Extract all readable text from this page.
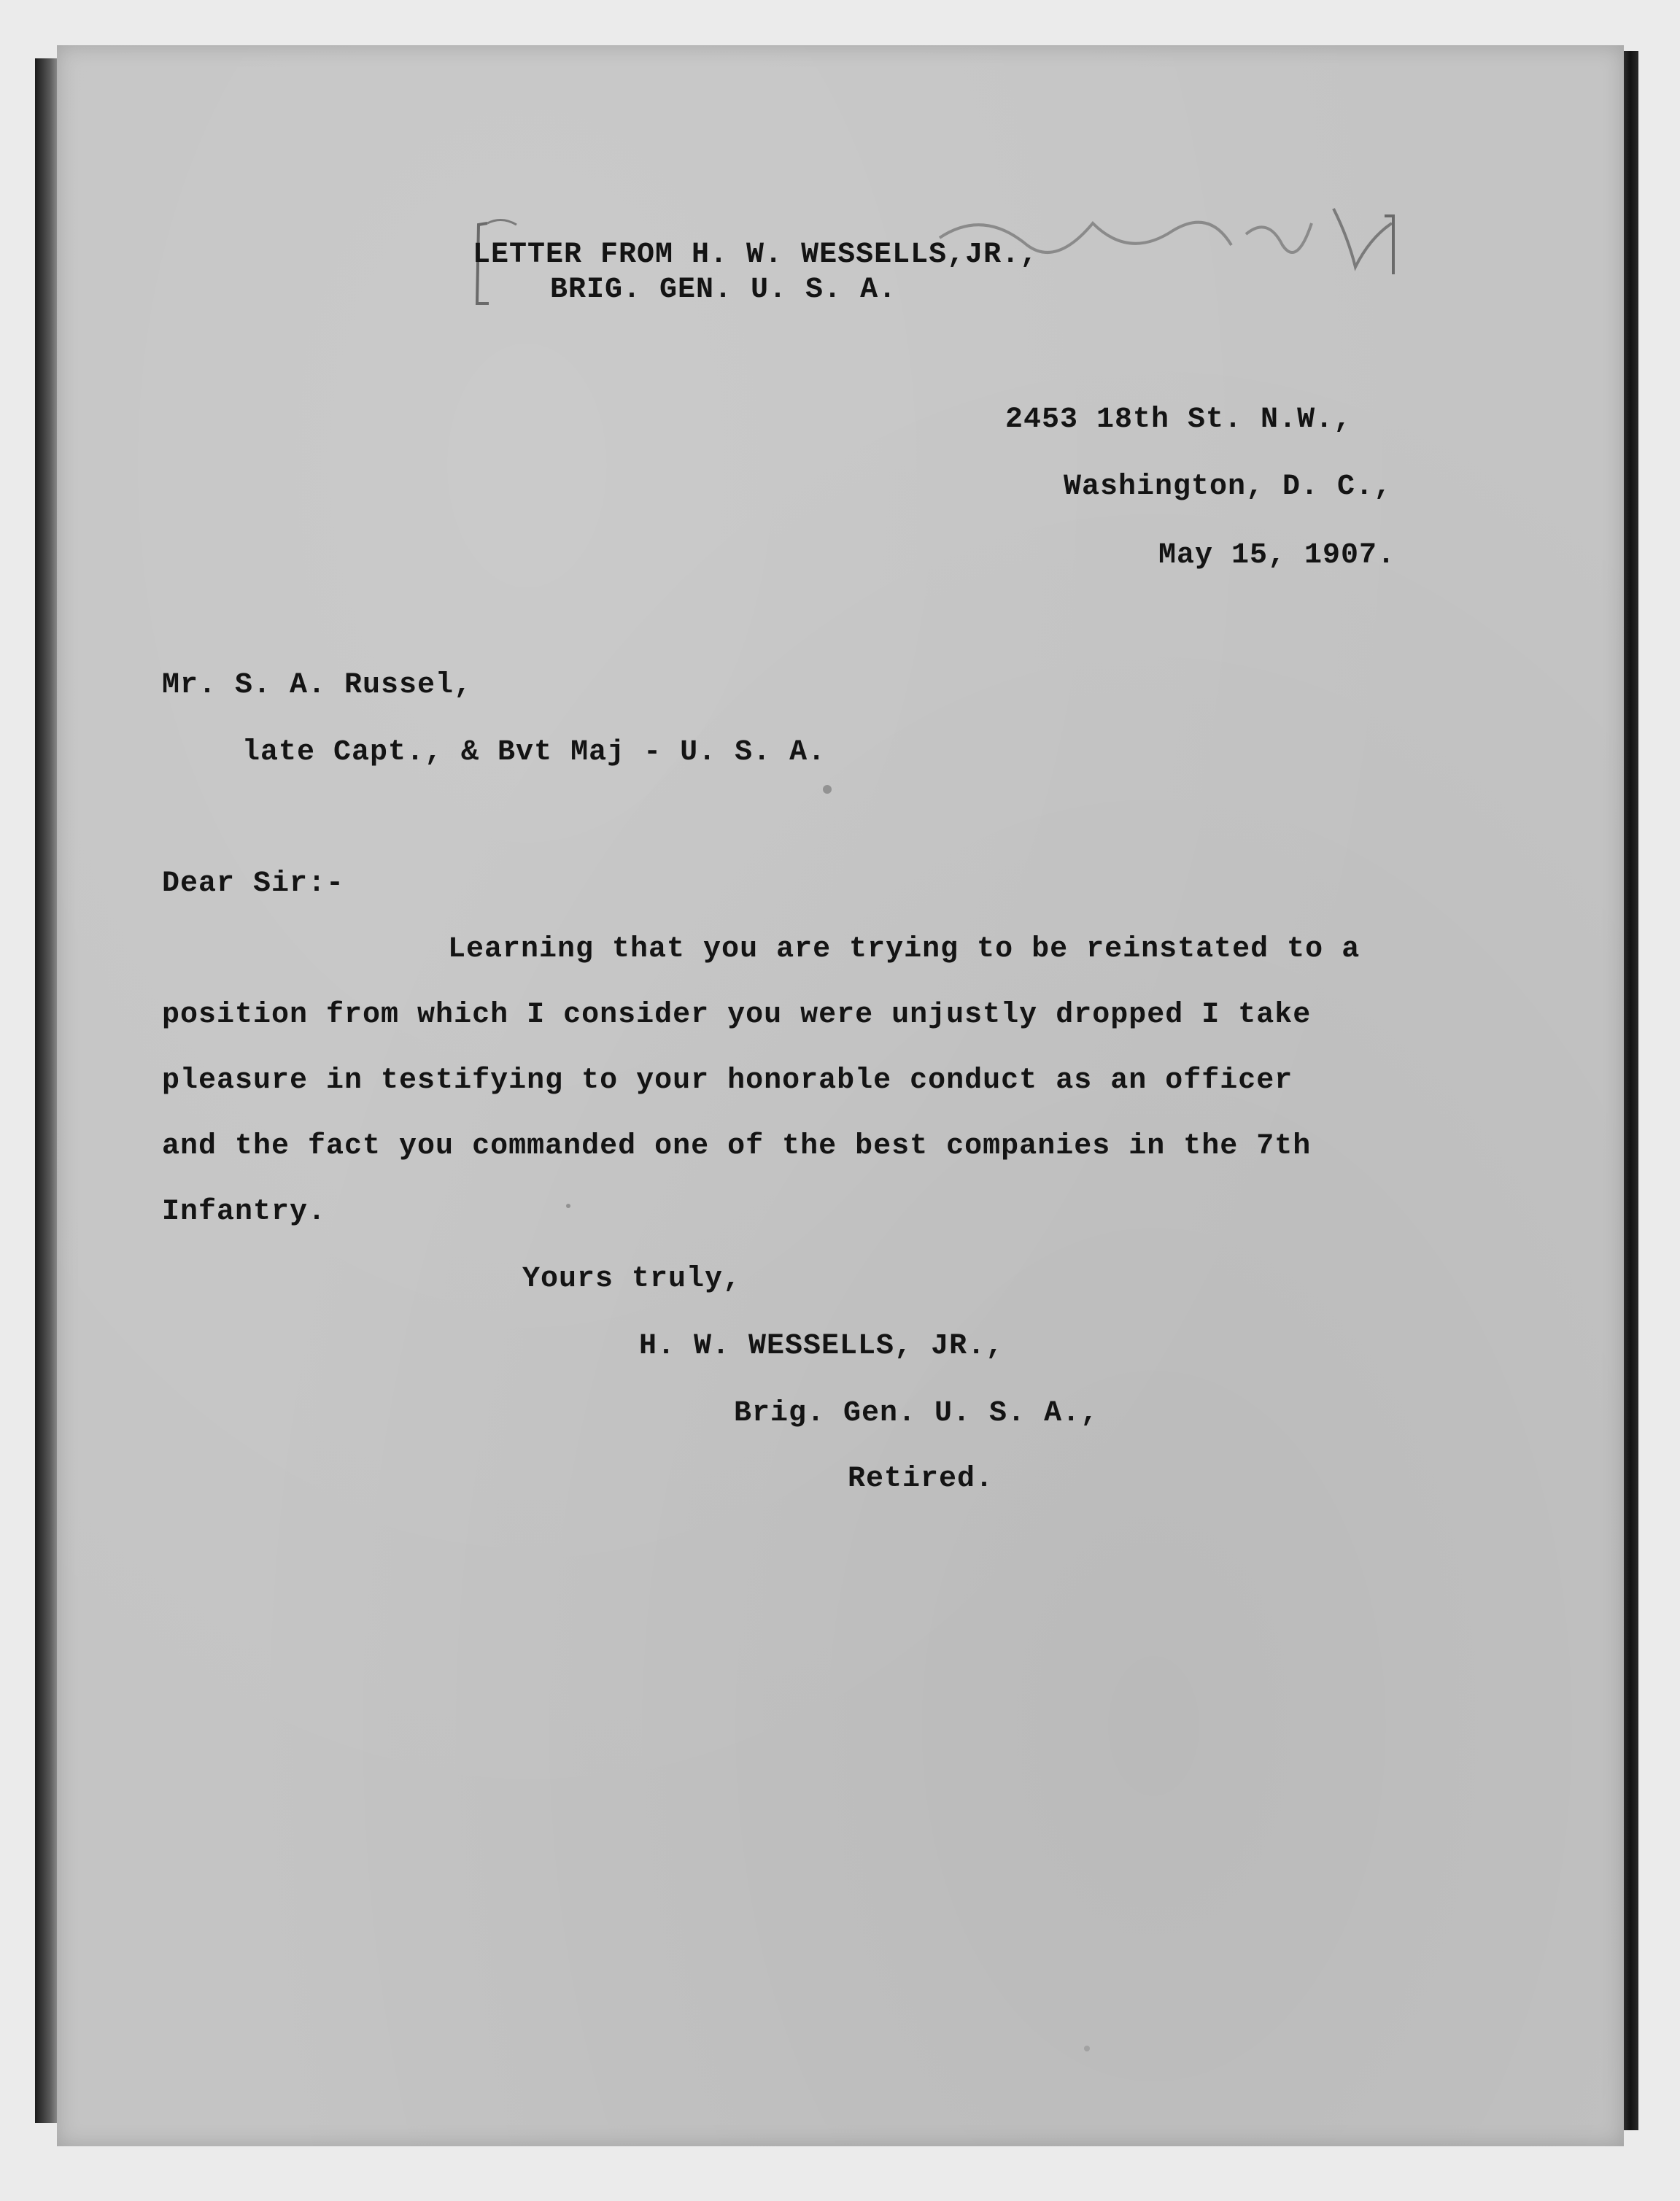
LETTER FROM H. W. WESSELLS,JR.,
BRIG. GEN. U. S. A.
2453 18th St. N.W.,
Washington, D. C.,
May 15, 1907.
Mr. S. A. Russel,
late Capt., & Bvt Maj - U. S. A.
Dear Sir:-
Learning that you are trying to be reinstated to a
position from which I consider you were unjustly dropped I take
pleasure in testifying to your honorable conduct as an officer
and the fact you commanded one of the best companies in the 7th
Infantry.
Yours truly,
H. W. WESSELLS, JR.,
Brig. Gen. U. S. A.,
Retired.
